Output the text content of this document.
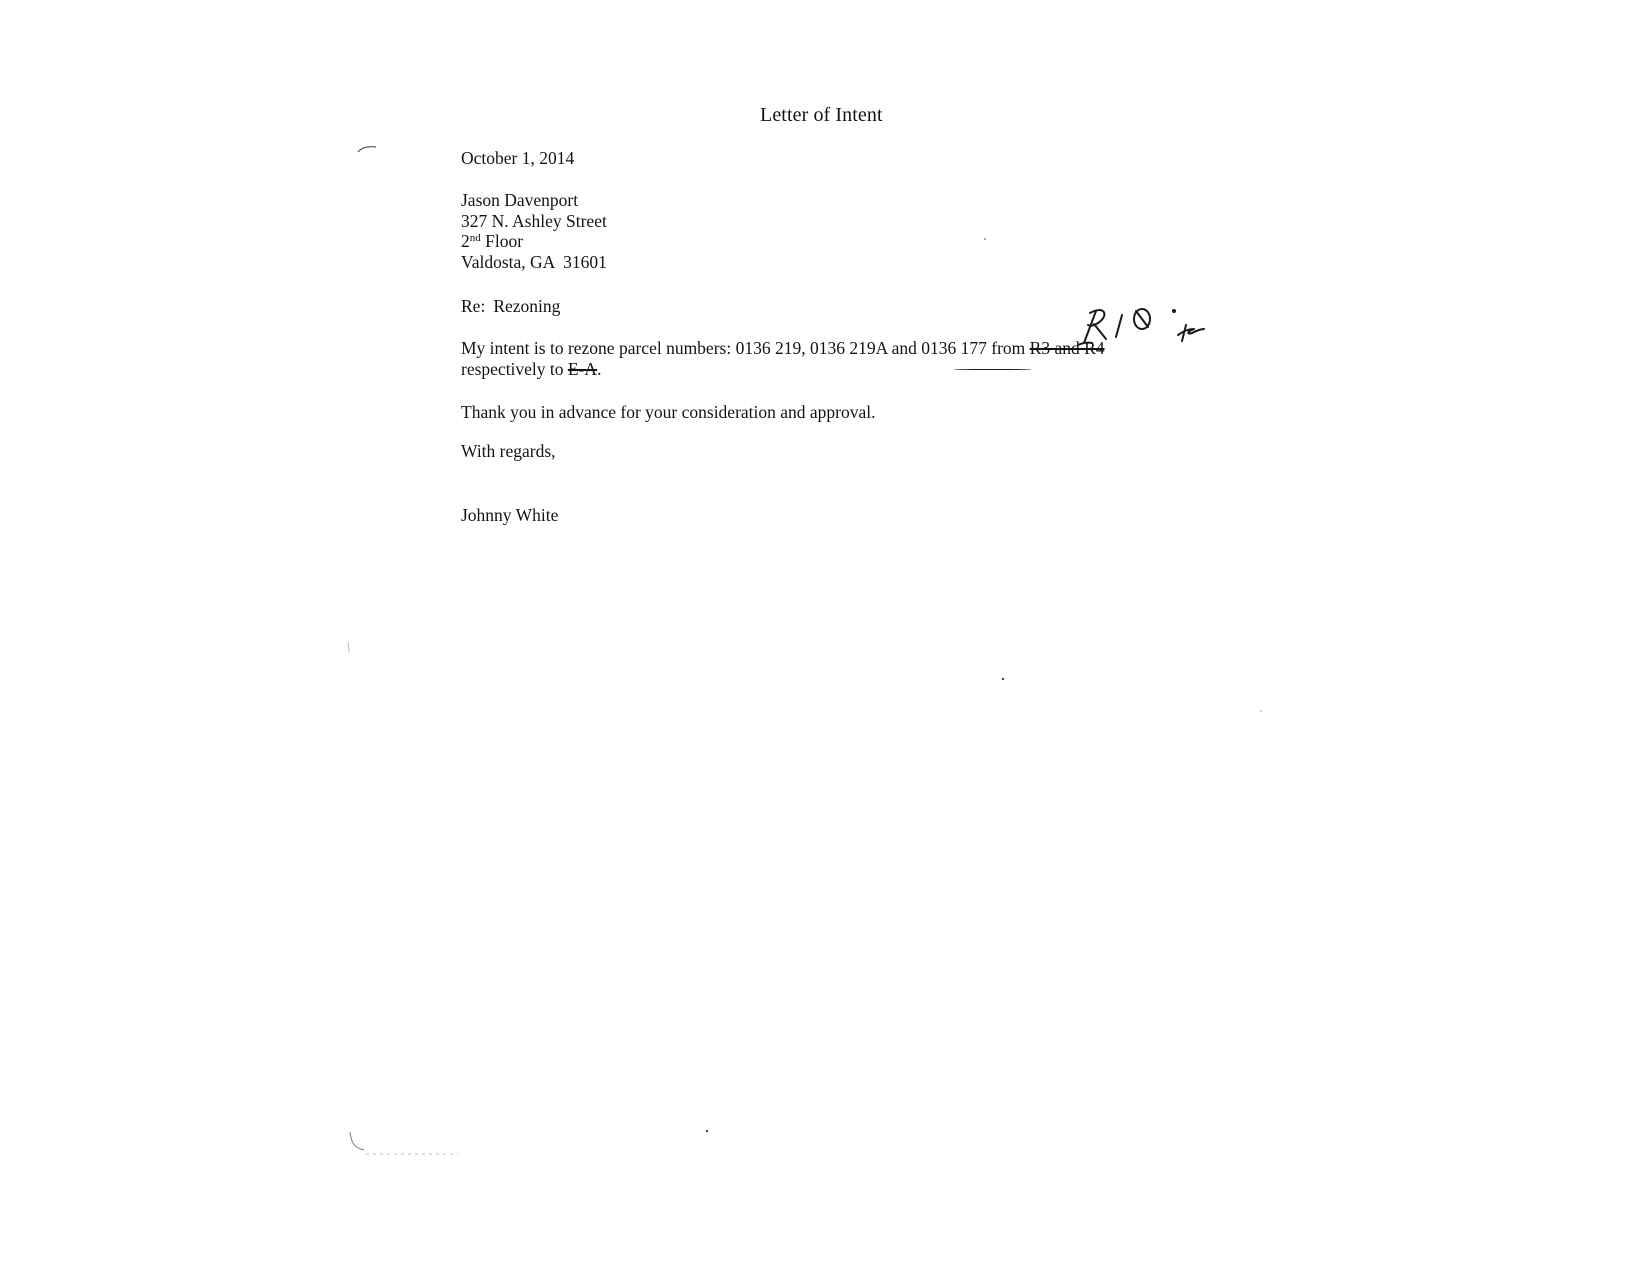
Letter of Intent
October 1, 2014
Jason Davenport
327 N. Ashley Street
2nd Floor
Valdosta, GA  31601
Re: Rezoning
My intent is to rezone parcel numbers: 0136 219, 0136 219A and 0136 177 from R3 and R4
respectively to E-A.
Thank you in advance for your consideration and approval.
With regards,
Johnny White
